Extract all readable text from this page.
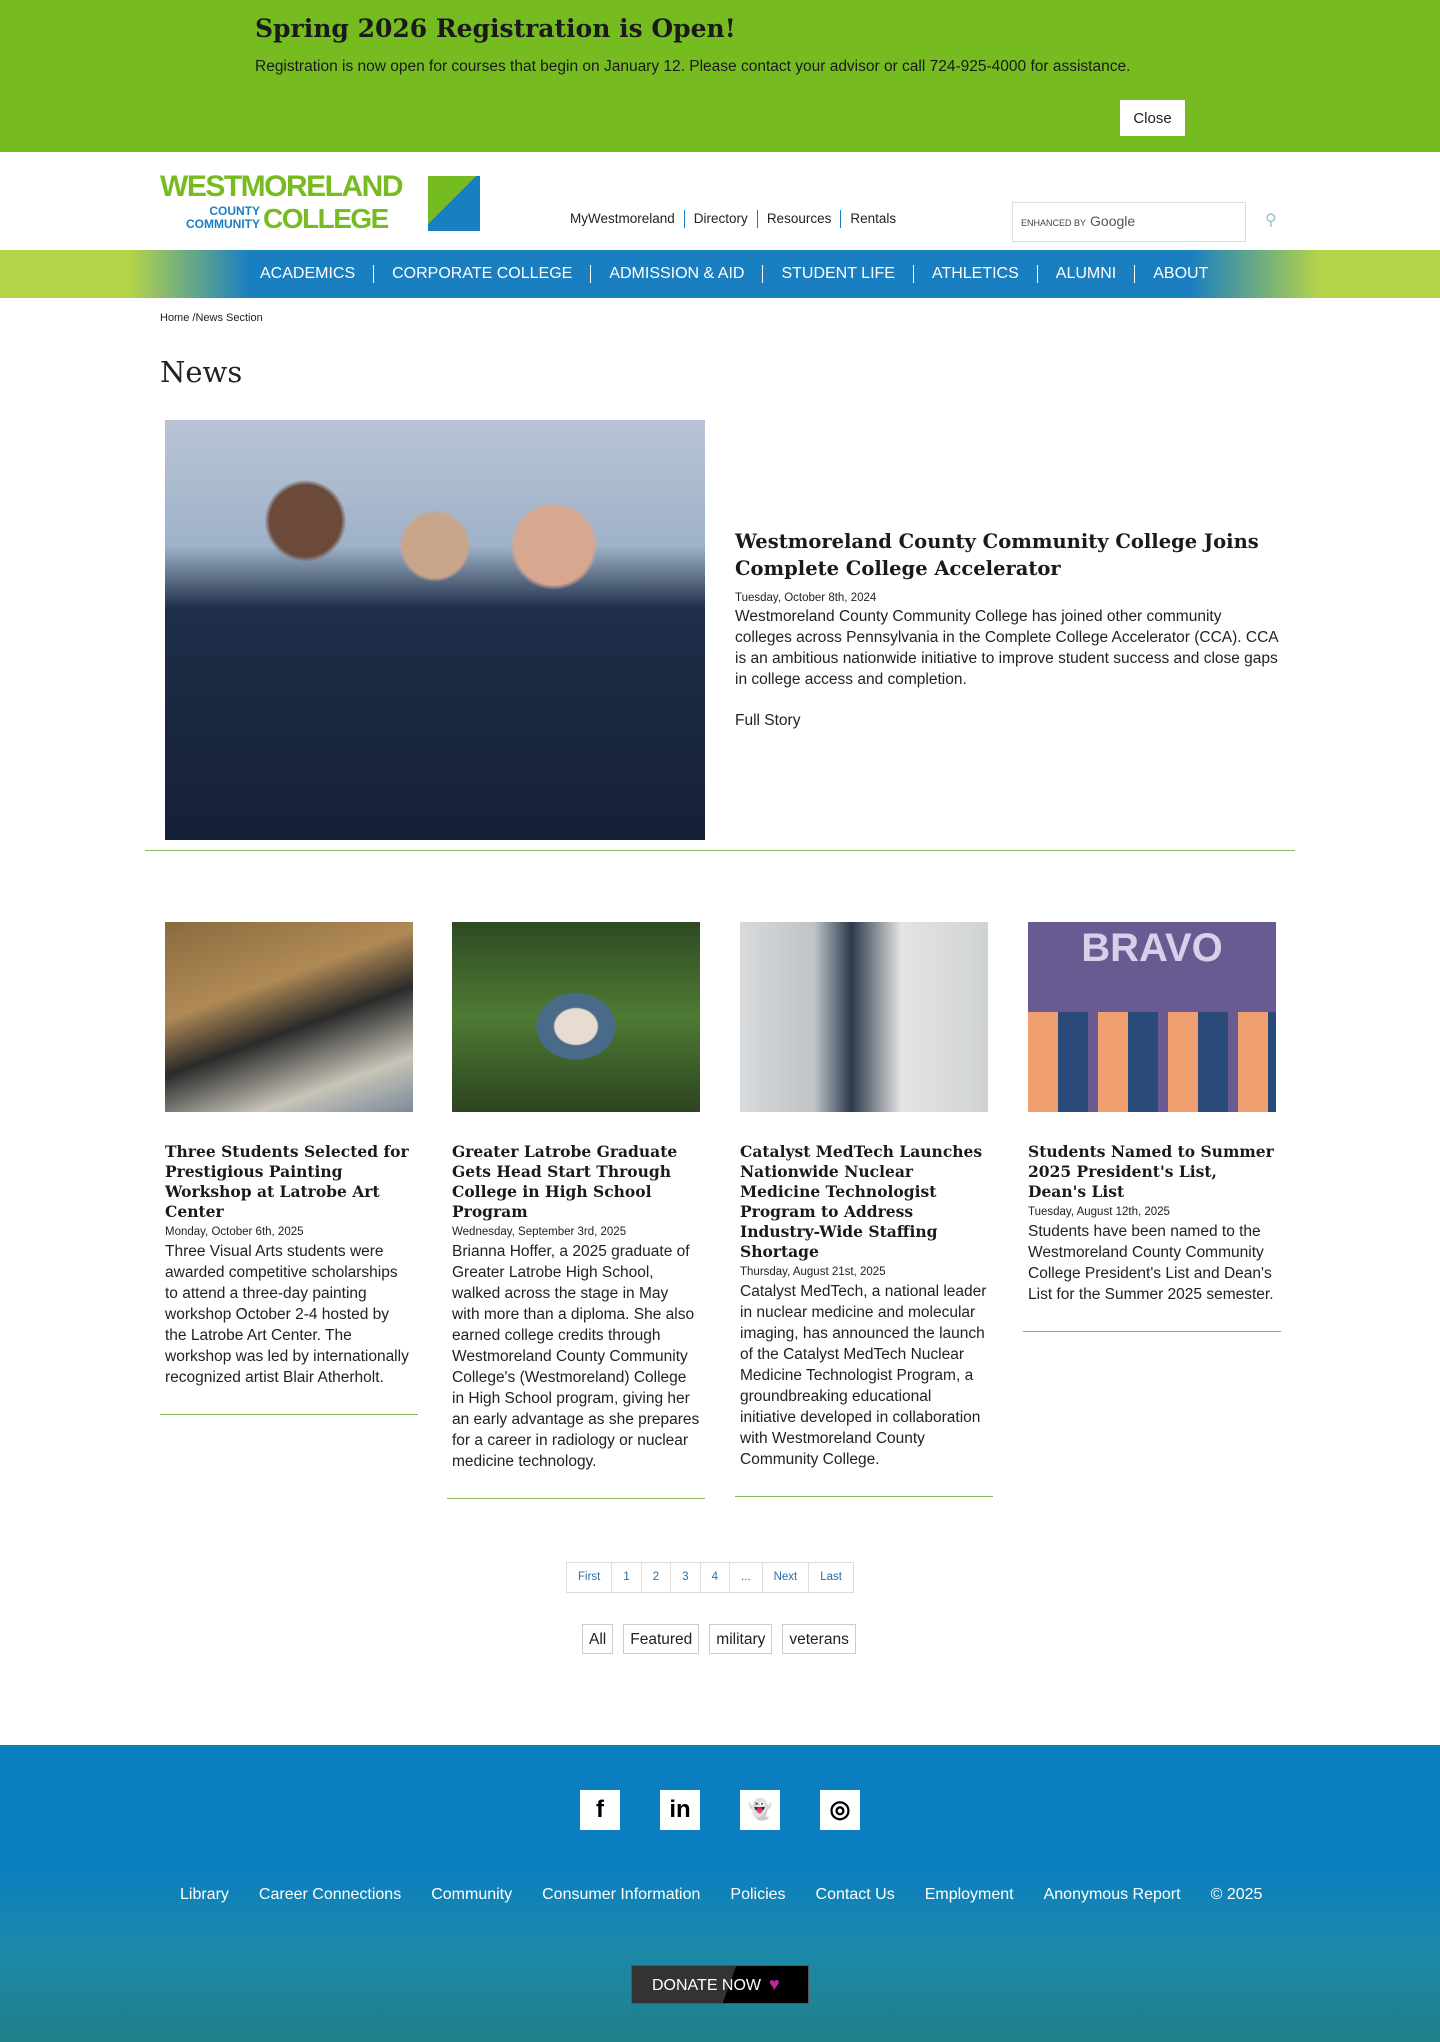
Spring 2026 Registration is Open!

Registration is now open for courses that begin on January 12. Please contact your advisor or call 724-925-4000 for assistance.

Close
WESTMORELAND
COUNTY
COMMUNITY COLLEGE	MyWestmoreland	Directory	Resources	Rentals	ENHANCED BY Google	⚲
ACADEMICS	CORPORATE COLLEGE	ADMISSION & AID	STUDENT LIFE	ATHLETICS	ALUMNI	ABOUT
Home /News Section
News
Westmoreland County Community College Joins Complete College Accelerator
Tuesday, October 8th, 2024
Westmoreland County Community College has joined other community colleges across Pennsylvania in the Complete College Accelerator (CCA). CCA is an ambitious nationwide initiative to improve student success and close gaps in college access and completion.
Full Story
Three Students Selected for Prestigious Painting Workshop at Latrobe Art Center
Monday, October 6th, 2025

Three Visual Arts students were awarded competitive scholarships to attend a three-day painting workshop October 2-4 hosted by the Latrobe Art Center. The workshop was led by internationally recognized artist Blair Atherholt.

Greater Latrobe Graduate Gets Head Start Through College in High School Program
Wednesday, September 3rd, 2025

Brianna Hoffer, a 2025 graduate of Greater Latrobe High School, walked across the stage in May with more than a diploma. She also earned college credits through Westmoreland County Community College's (Westmoreland) College in High School program, giving her an early advantage as she prepares for a career in radiology or nuclear medicine technology.

Catalyst MedTech Launches Nationwide Nuclear Medicine Technologist Program to Address Industry-Wide Staffing Shortage
Thursday, August 21st, 2025

Catalyst MedTech, a national leader in nuclear medicine and molecular imaging, has announced the launch of the Catalyst MedTech Nuclear Medicine Technologist Program, a groundbreaking educational initiative developed in collaboration with Westmoreland County Community College.

BRAVO
Students Named to Summer 2025 President's List, Dean's List
Tuesday, August 12th, 2025

Students have been named to the Westmoreland County Community College President's List and Dean's List for the Summer 2025 semester.

First	1	2	3	4	...	Next	Last
All	Featured	military	veterans
f	in	👻	◎
Library Career Connections Community Consumer Information Policies Contact Us Employment Anonymous Report © 2025
DONATE NOW ♥
